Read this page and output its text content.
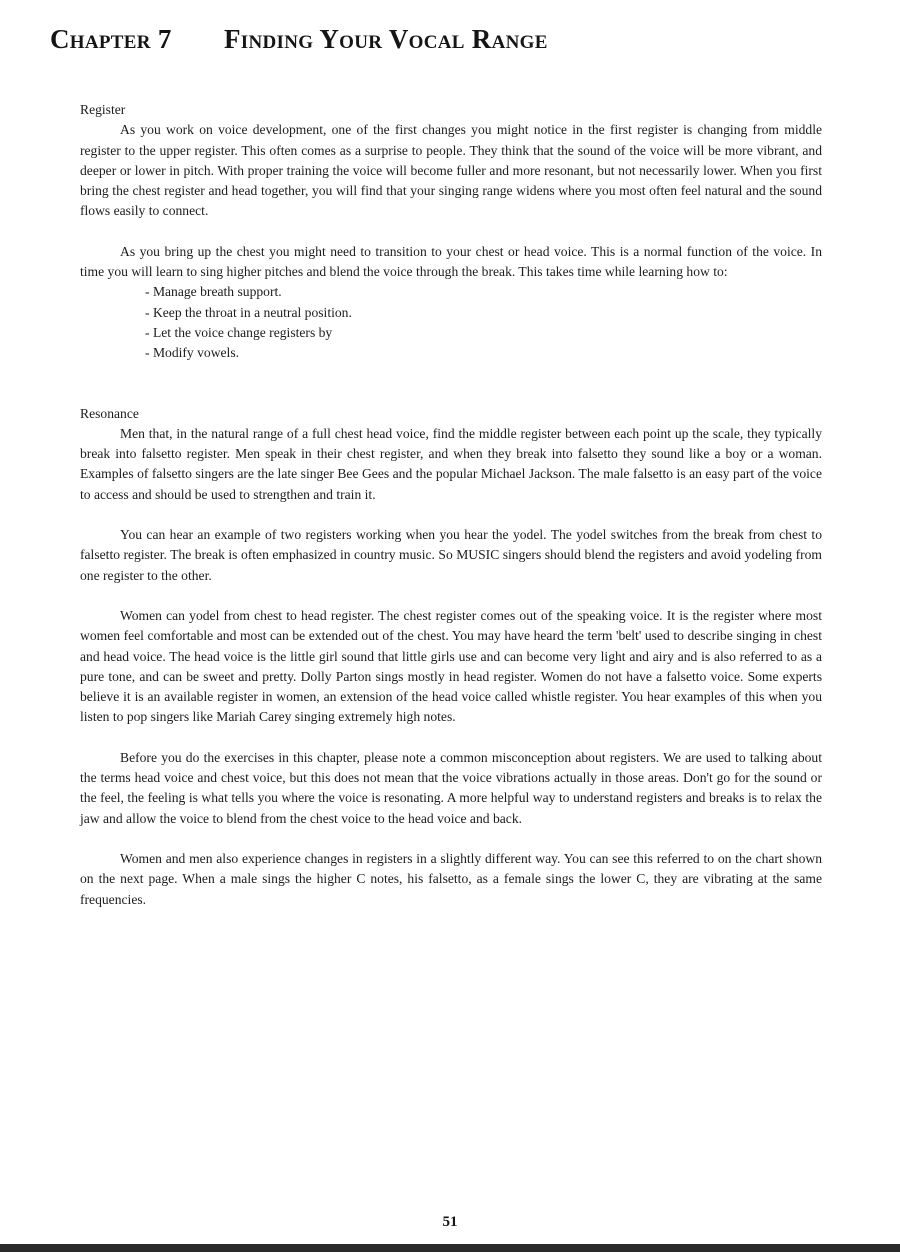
Chapter 7 Finding Your Vocal Range

Register

As you work on voice development, one of the first changes you might notice in the first register is changing from middle register to the upper register. This often comes as a surprise to people. They think that the sound of the voice will be more vibrant, and deeper or lower in pitch. With proper training the voice will become fuller and more resonant, but not necessarily lower. When you first bring the chest register and head together, you will find that your singing range widens where you most often feel natural and the sound flows easily to connect.

As you bring up the chest you might need to transition to your chest or head voice. This is a normal function of the voice. In time you will learn to sing higher pitches and blend the voice through the break. This takes time while learning how to:

- Manage breath support.
- Keep the throat in a neutral position.
- Let the voice change registers by
- Modify vowels.

Resonance

Men that, in the natural range of a full chest head voice, find the middle register between each point up the scale, they typically break into falsetto register. Men speak in their chest register, and when they break into falsetto they sound like a boy or a woman. Examples of falsetto singers are the late singer Bee Gees and the popular Michael Jackson. The male falsetto is an easy part of the voice to access and should be used to strengthen and train it.

You can hear an example of two registers working when you hear the yodel. The yodel switches from the break from chest to falsetto register. The break is often emphasized in country music. So MUSIC singers should blend the registers and avoid yodeling from one register to the other.

Women can yodel from chest to head register. The chest register comes out of the speaking voice. It is the register where most women feel comfortable and most can be extended out of the chest. You may have heard the term 'belt' used to describe singing in chest and head voice. The head voice is the little girl sound that little girls use and can become very light and airy and is also referred to as a pure tone, and can be sweet and pretty. Dolly Parton sings mostly in head register. Women do not have a falsetto voice. Some experts believe it is an available register in women, an extension of the head voice called whistle register. You hear examples of this when you listen to pop singers like Mariah Carey singing extremely high notes.

Before you do the exercises in this chapter, please note a common misconception about registers. We are used to talking about the terms head voice and chest voice, but this does not mean that the voice vibrations actually in those areas. Don't go for the sound or the feel, the feeling is what tells you where the voice is resonating. A more helpful way to understand registers and breaks is to relax the jaw and allow the voice to blend from the chest voice to the head voice and back.

Women and men also experience changes in registers in a slightly different way. You can see this referred to on the chart shown on the next page. When a male sings the higher C notes, his falsetto, as a female sings the lower C, they are vibrating at the same frequencies.

51
